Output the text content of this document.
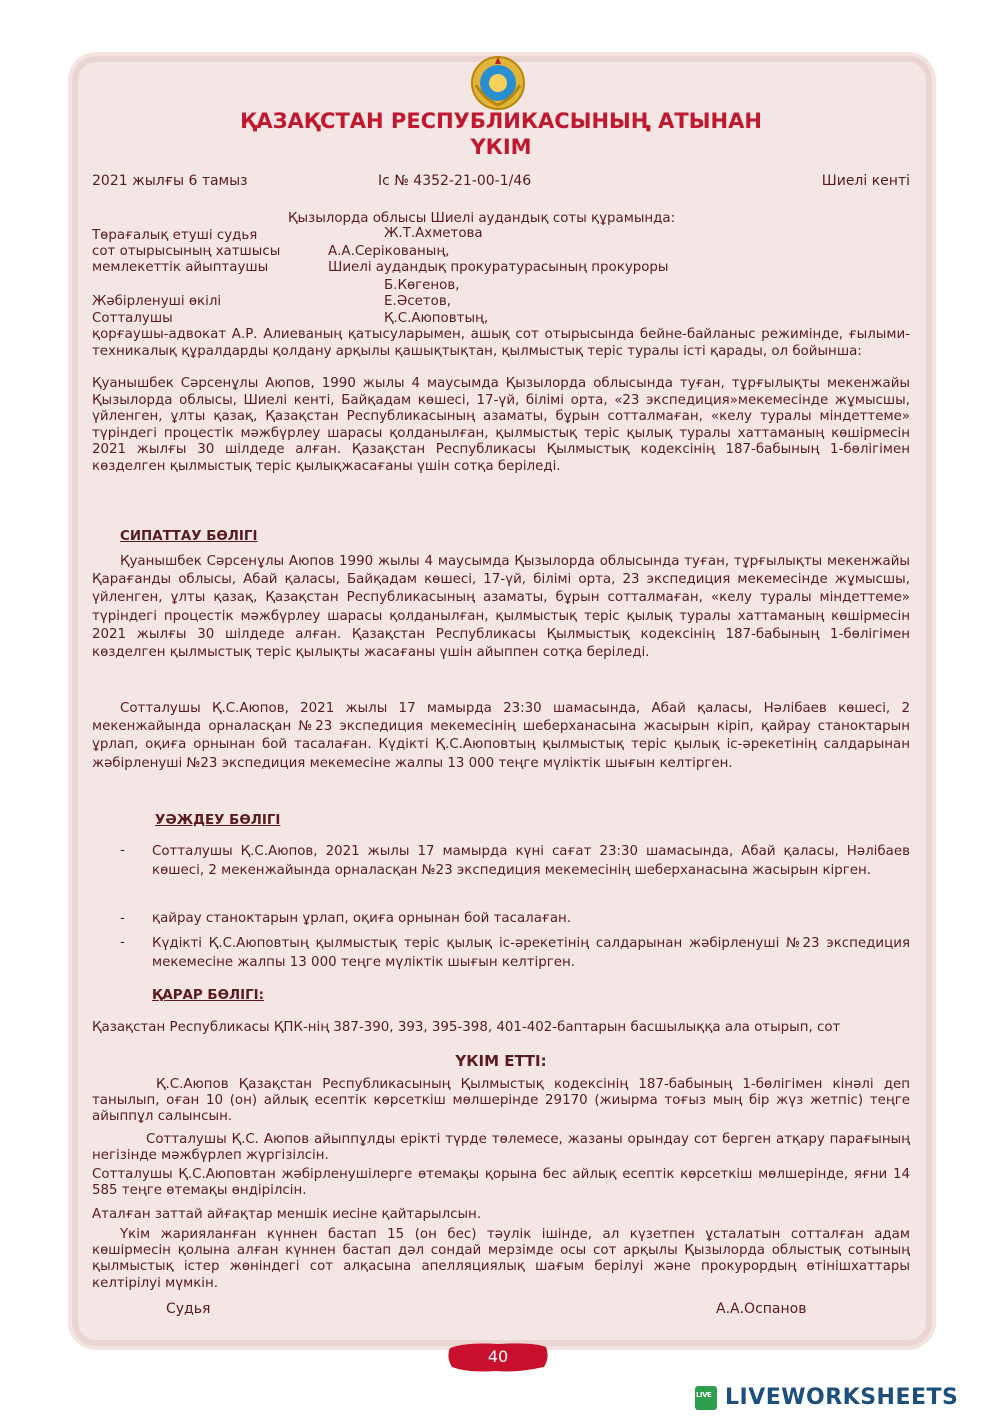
ҚАЗАҚСТАН РЕСПУБЛИКАСЫНЫҢ АТЫНАН
ҮКІМ
2021 жылғы 6 тамыз	Іс № 4352-21-00-1/46	Шиелі кенті
Қызылорда облысы Шиелі аудандық соты құрамында:
Төрағалық етуші судья	Ж.Т.Ахметова
сот отырысының хатшысы	А.А.Серікованың,
мемлекеттік айыптаушы	Шиелі аудандық прокуратурасының прокуроры
Б.Көгенов,
Жәбірленуші өкілі	Е.Әсетов,
Сотталушы	Қ.С.Аюповтың,
қорғаушы-адвокат А.Р. Алиеваның қатысуларымен, ашық сот отырысында бейне-байланыс режимінде, ғылыми-техникалық құралдарды қолдану арқылы қашықтықтан, қылмыстық теріс туралы істі қарады, ол бойынша:
Қуанышбек Сәрсенұлы Аюпов, 1990 жылы 4 маусымда Қызылорда облысында туған, тұрғылықты мекенжайы Қызылорда облысы, Шиелі кенті, Байқадам көшесі, 17-үй, білімі орта, «23 экспедиция»мекемесінде жұмысшы, үйленген, ұлты қазақ, Қазақстан Республикасының азаматы, бұрын сотталмаған, «келу туралы міндеттеме» түріндегі процестік мәжбүрлеу шарасы қолданылған, қылмыстық теріс қылық туралы хаттаманың көшірмесін 2021 жылғы 30 шілдеде алған. Қазақстан Республикасы Қылмыстық кодексінің 187-бабының 1-бөлігімен көзделген қылмыстық теріс қылықжасағаны үшін сотқа беріледі.
СИПАТТАУ БӨЛІГІ
Қуанышбек Сәрсенұлы Аюпов 1990 жылы 4 маусымда Қызылорда облысында туған, тұрғылықты мекенжайы Қарағанды облысы, Абай қаласы, Байқадам көшесі, 17-үй, білімі орта, 23 экспедиция мекемесінде жұмысшы, үйленген, ұлты қазақ, Қазақстан Республикасының азаматы, бұрын сотталмаған, «келу туралы міндеттеме» түріндегі процестік мәжбүрлеу шарасы қолданылған, қылмыстық теріс қылық туралы хаттаманың көшірмесін 2021 жылғы 30 шілдеде алған. Қазақстан Республикасы Қылмыстық кодексінің 187-бабының 1-бөлігімен көзделген қылмыстық теріс қылықты жасағаны үшін айыппен сотқа беріледі.
Сотталушы Қ.С.Аюпов, 2021 жылы 17 мамырда 23:30 шамасында, Абай қаласы, Нәлібаев көшесі, 2 мекенжайында орналасқан №23 экспедиция мекемесінің шеберханасына жасырын кіріп, қайрау станоктарын ұрлап, оқиға орнынан бой тасалаған. Күдікті Қ.С.Аюповтың қылмыстық теріс қылық іс-әрекетінің салдарынан жәбірленуші №23 экспедиция мекемесіне жалпы 13 000 теңге мүліктік шығын келтірген.
УӘЖДЕУ БӨЛІГІ
- Сотталушы Қ.С.Аюпов, 2021 жылы 17 мамырда күні сағат 23:30 шамасында, Абай қаласы, Нәлібаев көшесі, 2 мекенжайында орналасқан №23 экспедиция мекемесінің шеберханасына жасырын кірген.
- қайрау станоктарын ұрлап, оқиға орнынан бой тасалаған.
- Күдікті Қ.С.Аюповтың қылмыстық теріс қылық іс-әрекетінің салдарынан жәбірленуші №23 экспедиция мекемесіне жалпы 13 000 теңге мүліктік шығын келтірген.
ҚАРАР БӨЛІГІ:
Қазақстан Республикасы ҚПК-нің 387-390, 393, 395-398, 401-402-баптарын басшылыққа ала отырып, сот
ҮКІМ ЕТТІ:
Қ.С.Аюпов Қазақстан Республикасының Қылмыстық кодексінің 187-бабының 1-бөлігімен кінәлі деп танылып, оған 10 (он) айлық есептік көрсеткіш мөлшерінде 29170 (жиырма тоғыз мың бір жүз жетпіс) теңге айыппұл салынсын.
Сотталушы Қ.С. Аюпов айыппұлды ерікті түрде төлемесе, жазаны орындау сот берген атқару парағының негізінде мәжбүрлеп жүргізілсін.
Сотталушы Қ.С.Аюповтан жәбірленушілерге өтемақы қорына бес айлық есептік көрсеткіш мөлшерінде, яғни 14 585 теңге өтемақы өндірілсін.
Аталған заттай айғақтар меншік иесіне қайтарылсын.
Үкім жарияланған күннен бастап 15 (он бес) тәулік ішінде, ал күзетпен ұсталатын сотталған адам көшірмесін қолына алған күннен бастап дәл сондай мерзімде осы сот арқылы Қызылорда облыстық сотының қылмыстық істер жөніндегі сот алқасына апелляциялық шағым берілуі және прокурордың өтінішхаттары келтірілуі мүмкін.
Судья	А.А.Оспанов
40
LIVE LIVEWORKSHEETS
